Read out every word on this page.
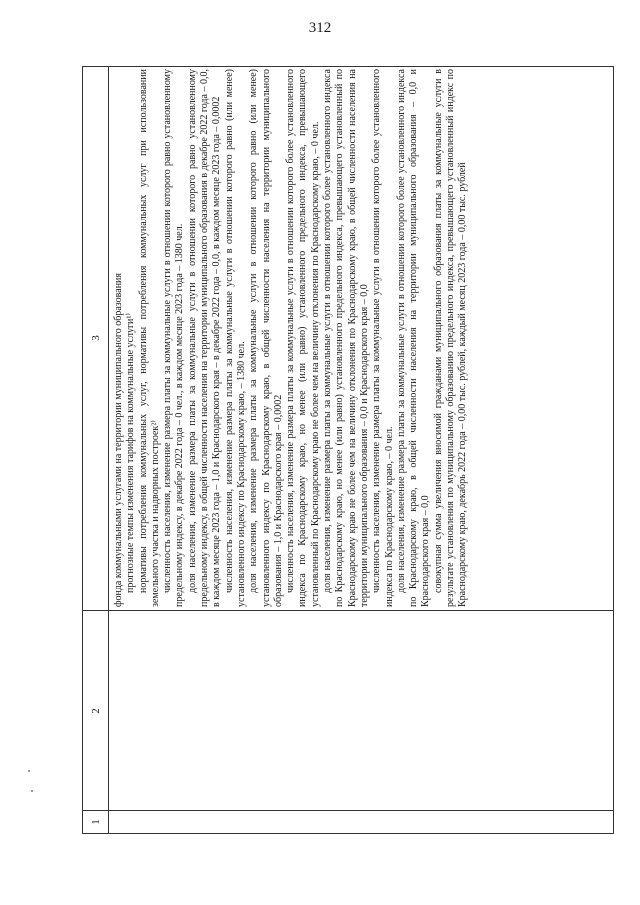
312
1
2
3	фонда коммунальными услугами на территории муниципального образования прогнозные темпы изменения тарифов на коммунальные услуги¹⁾ нормативы потребления коммунальных услуг, нормативы потребления коммунальных услуг при использовании земельного участка и надворных построек²⁾ численность населения, изменение размера платы за коммунальные услуги в отношении которого равно установленному предельному индексу, в декабре 2022 года – 0 чел., в каждом месяце 2023 года – 1380 чел. доля населения, изменение размера платы за коммунальные услуги в отношении которого равно установленному предельному индексу, в общей численности населения на территории муниципального образования в декабре 2022 года – 0,0, в каждом месяце 2023 года – 1,0 и Краснодарского края – в декабре 2022 года – 0,0, в каждом месяце 2023 года – 0,0002 численность населения, изменение размера платы за коммунальные услуги в отношении которого равно (или менее) установленного индексу по Краснодарскому краю, – 1380 чел. доля населения, изменение размера платы за коммунальные услуги в отношении которого равно (или менее) установленного индексу по Краснодарскому краю, в общей численности населения на территории муниципального образования – 1,0 и Краснодарского края – 0,0002 численность населения, изменение размера платы за коммунальные услуги в отношении которого более установленного индекса по Краснодарскому краю, но менее (или равно) установленного предельного индекса, превышающего установленный по Краснодарскому краю не более чем на величину отклонения по Краснодарскому краю, – 0 чел. доля населения, изменение размера платы за коммунальные услуги в отношении которого более установленного индекса по Краснодарскому краю, но менее (или равно) установленного предельного индекса, превышающего установленный по Краснодарскому краю не более чем на величину отклонения по Краснодарскому краю, в общей численности населения на территории муниципального образования – 0,0 и Краснодарского края – 0,0 численность населения, изменение размера платы за коммунальные услуги в отношении которого более установленного индекса по Краснодарскому краю, – 0 чел. доля населения, изменение размера платы за коммунальные услуги в отношении которого более установленного индекса по Краснодарскому краю, в общей численности населения на территории муниципального образования – 0,0 и Краснодарского края – 0,0 совокупная сумма увеличения вносимой гражданами муниципального образования платы за коммунальные услуги в результате установления по муниципальному образованию предельного индекса, превышающего установленный индекс по Краснодарскому краю, декабрь 2022 года – 0,00 тыс. рублей, каждый месяц 2023 года – 0,00 тыс. рублей
